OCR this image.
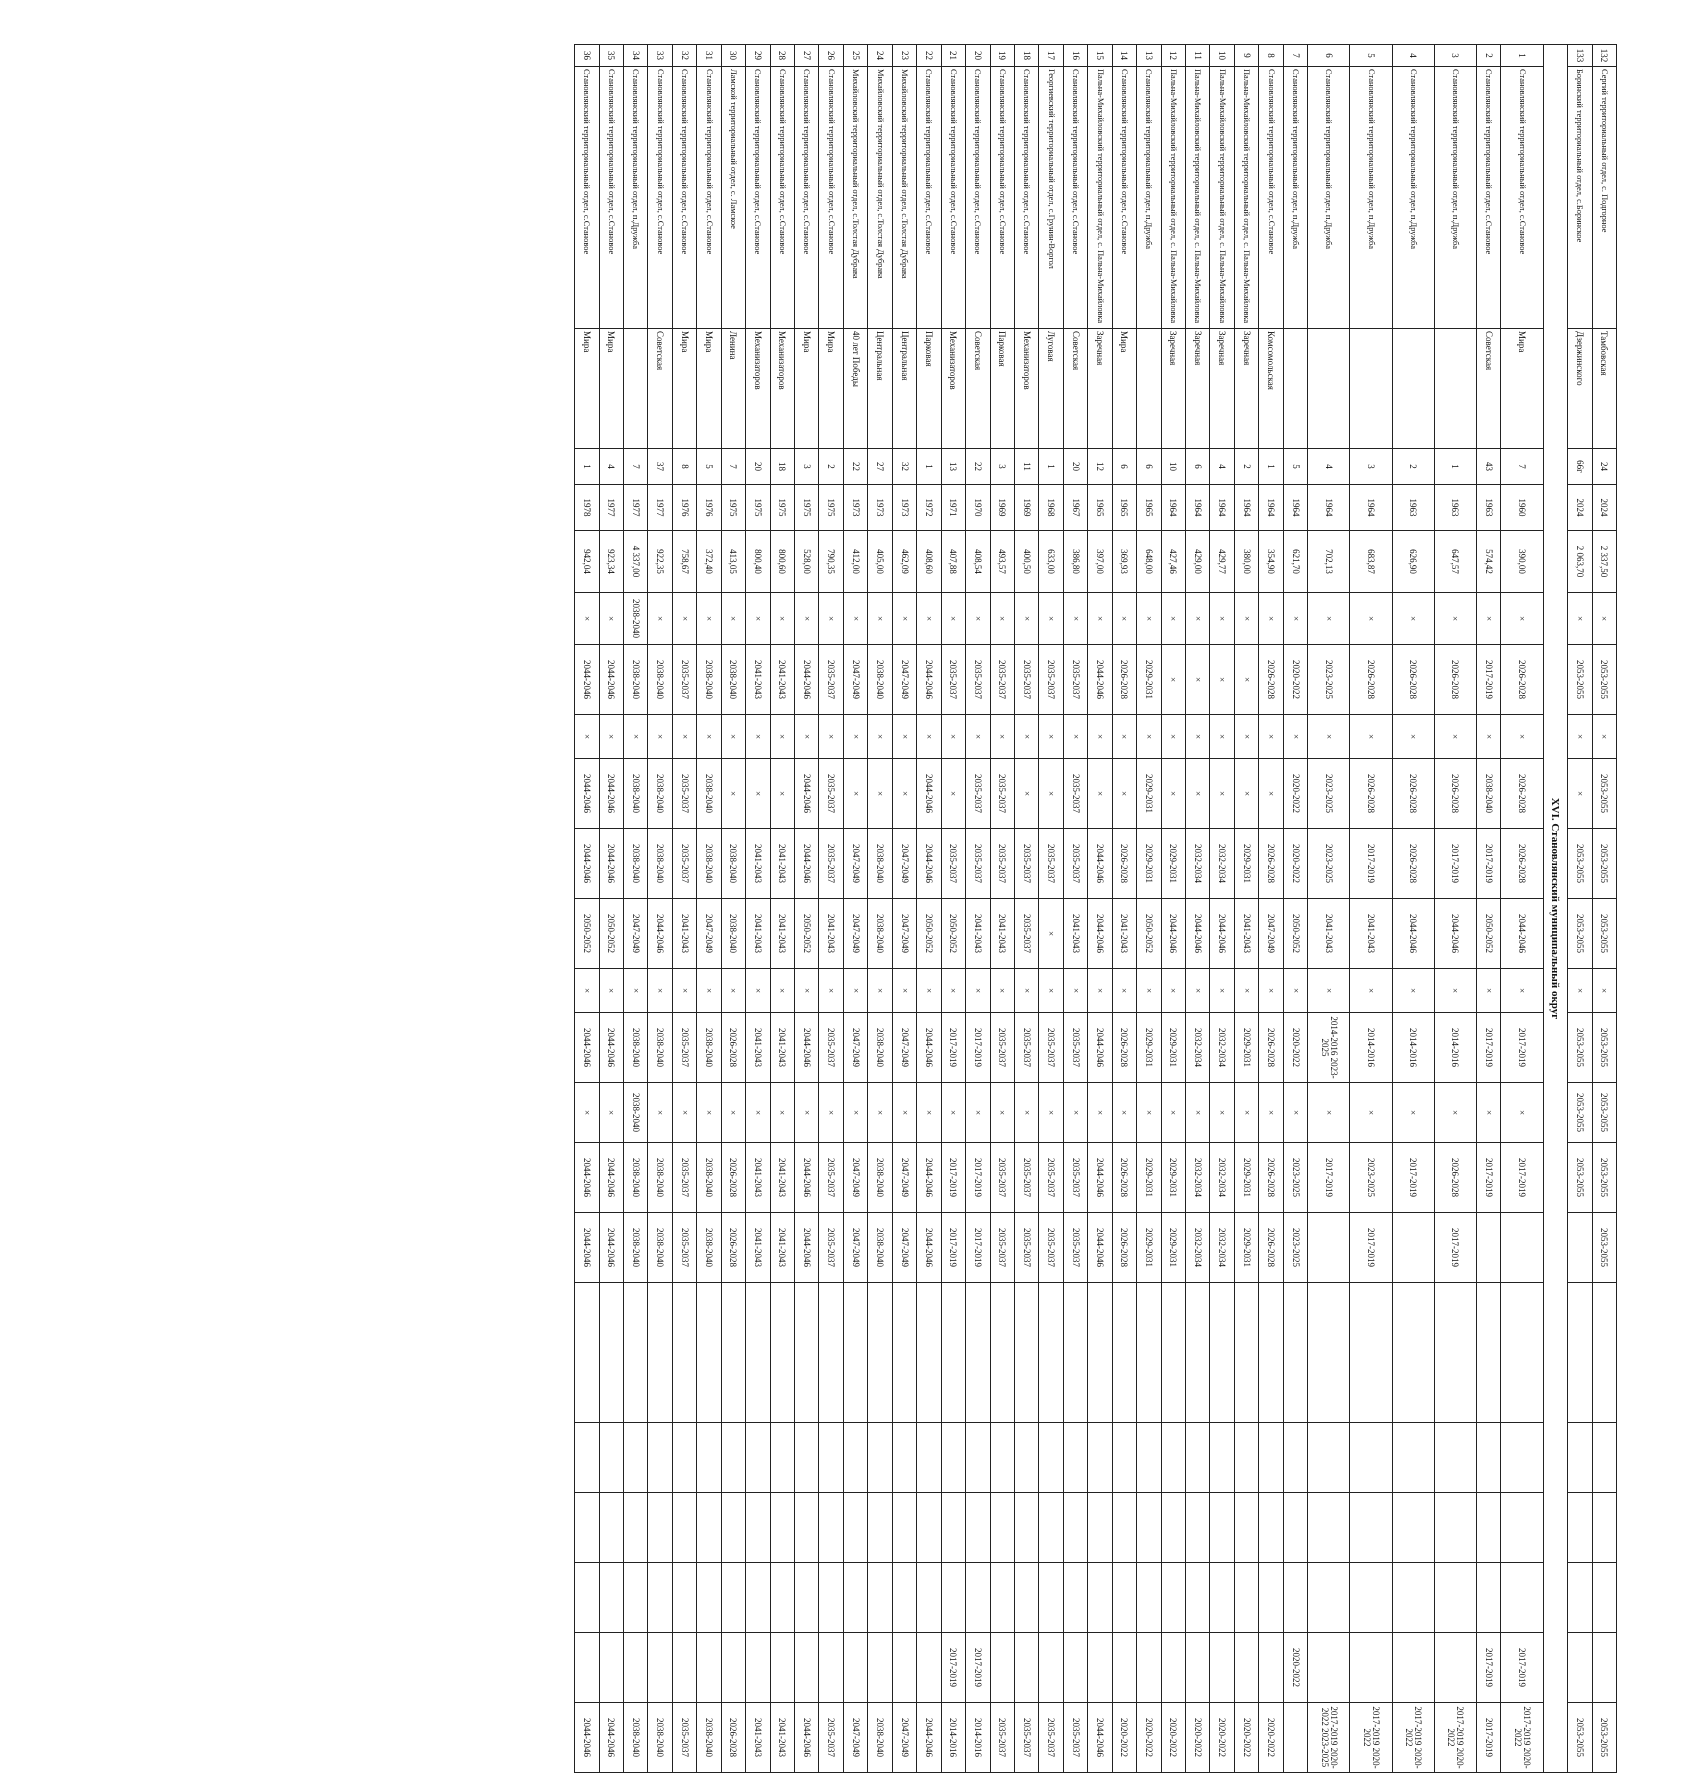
132	Сергий территориальный отдел, с. Подгорное	Тамбовская	24	2024	2 337,50	×	2053-2055	×	2053-2055	2053-2055	2053-2055	×	2053-2055	2053-2055	2053-2055	2053-2055						2053-2055
133	Боринский территориальный отдел, с.Боринское	Дзержинского	66г	2024	2 063,70	×	2053-2055	×	×	2053-2055	2053-2055	×	2053-2055	2053-2055	2053-2055							2053-2055
XVI. Становлянский муниципальный округ																						
1	Становлянский территориальный отдел, с.Становое	Мира	7	1960	390,00	×	2026-2028	×	2026-2028	2026-2028	2044-2046	×	2017-2019	×	2017-2019						2017-2019	2017-2019 2020-2022
2	Становлянский территориальный отдел, с.Становое	Советская	43	1963	574,42	×	2017-2019	×	2038-2040	2017-2019	2050-2052	×	2017-2019	×	2017-2019						2017-2019	2017-2019
3	Становлянский территориальный отдел, п.Дружба		1	1963	647,57	×	2026-2028	×	2026-2028	2017-2019	2044-2046	×	2014-2016	×	2026-2028	2017-2019						2017-2019 2020-2022
4	Становлянский территориальный отдел, п.Дружба		2	1963	626,90	×	2026-2028	×	2026-2028	2026-2028	2044-2046	×	2014-2016	×	2017-2019							2017-2019 2020-2022
5	Становлянский территориальный отдел, п.Дружба		3	1964	683,87	×	2026-2028	×	2026-2028	2017-2019	2041-2043	×	2014-2016	×	2023-2025	2017-2019						2017-2019 2020-2022
6	Становлянский территориальный отдел, п.Дружба		4	1964	702,13	×	2023-2025	×	2023-2025	2023-2025	2041-2043	×	2014-2016 2023-2025	×	2017-2019							2017-2019 2020-2022 2023-2025
7	Становлянский территориальный отдел, п.Дружба		5	1964	621,70	×	2020-2022	×	2020-2022	2020-2022	2050-2052	×	2020-2022	×	2023-2025	2023-2025					2020-2022	
8	Становлянский территориальный отдел, с.Становое	Комсомольская	1	1964	354,90	×	2026-2028	×	×	2026-2028	2047-2049	×	2026-2028	×	2026-2028	2026-2028						2020-2022
9	Пальна-Михайловский территориальный отдел, с. Пальна-Михайловка	Заречная	2	1964	380,00	×	×	×	×	2029-2031	2041-2043	×	2029-2031	×	2029-2031	2029-2031						2020-2022
10	Пальна-Михайловский территориальный отдел, с. Пальна-Михайловка	Заречная	4	1964	429,77	×	×	×	×	2032-2034	2044-2046	×	2032-2034	×	2032-2034	2032-2034						2020-2022
11	Пальна-Михайловский территориальный отдел, с. Пальна-Михайловка	Заречная	6	1964	429,00	×	×	×	×	2032-2034	2044-2046	×	2032-2034	×	2032-2034	2032-2034						2020-2022
12	Пальна-Михайловский территориальный отдел, с. Пальна-Михайловка	Заречная	10	1964	427,46	×	×	×	×	2029-2031	2044-2046	×	2029-2031	×	2029-2031	2029-2031						2020-2022
13	Становлянский территориальный отдел, п.Дружба		6	1965	648,00	×	2029-2031	×	2029-2031	2029-2031	2050-2052	×	2029-2031	×	2029-2031	2029-2031						2020-2022
14	Становлянский территориальный отдел, с.Становое	Мира	6	1965	369,93	×	2026-2028	×	×	2026-2028	2041-2043	×	2026-2028	×	2026-2028	2026-2028						2020-2022
15	Пальна-Михайловский территориальный отдел, с. Пальна-Михайловка	Заречная	12	1965	397,00	×	2044-2046	×	×	2044-2046	2044-2046	×	2044-2046	×	2044-2046	2044-2046						2044-2046
16	Становлянский территориальный отдел, с.Становое	Советская	20	1967	386,80	×	2035-2037	×	2035-2037	2035-2037	2041-2043	×	2035-2037	×	2035-2037	2035-2037						2035-2037
17	Георгиевский территориальный отдел, с.Грунин-Воргол	Луговая	1	1968	633,00	×	2035-2037	×	×	2035-2037	×	×	2035-2037	×	2035-2037	2035-2037						2035-2037
18	Становлянский территориальный отдел, с.Становое	Механизаторов	11	1969	400,50	×	2035-2037	×	×	2035-2037	2035-2037	×	2035-2037	×	2035-2037	2035-2037						2035-2037
19	Становлянский территориальный отдел, с.Становое	Парковая	3	1969	493,57	×	2035-2037	×	2035-2037	2035-2037	2041-2043	×	2035-2037	×	2035-2037	2035-2037						2035-2037
20	Становлянский территориальный отдел, с.Становое	Советская	22	1970	408,54	×	2035-2037	×	2035-2037	2035-2037	2041-2043	×	2017-2019	×	2017-2019	2017-2019					2017-2019	2014-2016
21	Становлянский территориальный отдел, с.Становое	Механизаторов	13	1971	407,88	×	2035-2037	×	×	2035-2037	2050-2052	×	2017-2019	×	2017-2019	2017-2019					2017-2019	2014-2016
22	Становлянский территориальный отдел, с.Становое	Парковая	1	1972	408,60	×	2044-2046	×	2044-2046	2044-2046	2050-2052	×	2044-2046	×	2044-2046	2044-2046						2044-2046
23	Михайловский территориальный отдел, с.Толстая Дубрава	Центральная	32	1973	462,09	×	2047-2049	×	×	2047-2049	2047-2049	×	2047-2049	×	2047-2049	2047-2049						2047-2049
24	Михайловский территориальный отдел, с.Толстая Дубрава	Центральная	27	1973	405,00	×	2038-2040	×	×	2038-2040	2038-2040	×	2038-2040	×	2038-2040	2038-2040						2038-2040
25	Михайловский территориальный отдел, с.Толстая Дубрава	40 лет Победы	22	1973	412,00	×	2047-2049	×	×	2047-2049	2047-2049	×	2047-2049	×	2047-2049	2047-2049						2047-2049
26	Становлянский территориальный отдел, с.Становое	Мира	2	1975	790,35	×	2035-2037	×	2035-2037	2035-2037	2041-2043	×	2035-2037	×	2035-2037	2035-2037						2035-2037
27	Становлянский территориальный отдел, с.Становое	Мира	3	1975	528,00	×	2044-2046	×	2044-2046	2044-2046	2050-2052	×	2044-2046	×	2044-2046	2044-2046						2044-2046
28	Становлянский территориальный отдел, с.Становое	Механизаторов	18	1975	800,60	×	2041-2043	×	×	2041-2043	2041-2043	×	2041-2043	×	2041-2043	2041-2043						2041-2043
29	Становлянский территориальный отдел, с.Становое	Механизаторов	20	1975	800,40	×	2041-2043	×	×	2041-2043	2041-2043	×	2041-2043	×	2041-2043	2041-2043						2041-2043
30	Ламской территориальный отдел, с. Ламское	Ленина	7	1975	413,05	×	2038-2040	×	×	2038-2040	2038-2040	×	2026-2028	×	2026-2028	2026-2028						2026-2028
31	Становлянский территориальный отдел, с.Становое	Мира	5	1976	372,40	×	2038-2040	×	2038-2040	2038-2040	2047-2049	×	2038-2040	×	2038-2040	2038-2040						2038-2040
32	Становлянский территориальный отдел, с.Становое	Мира	8	1976	758,67	×	2035-2037	×	2035-2037	2035-2037	2041-2043	×	2035-2037	×	2035-2037	2035-2037						2035-2037
33	Становлянский территориальный отдел, с.Становое	Советская	37	1977	922,35	×	2038-2040	×	2038-2040	2038-2040	2044-2046	×	2038-2040	×	2038-2040	2038-2040						2038-2040
34	Становлянский территориальный отдел, п.Дружба		7	1977	4 337,00	2038-2040	2038-2040	×	2038-2040	2038-2040	2047-2049	×	2038-2040	2038-2040	2038-2040	2038-2040						2038-2040
35	Становлянский территориальный отдел, с.Становое	Мира	4	1977	923,34	×	2044-2046	×	2044-2046	2044-2046	2050-2052	×	2044-2046	×	2044-2046	2044-2046						2044-2046
36	Становлянский территориальный отдел, с.Становое	Мира	1	1978	942,04	×	2044-2046	×	2044-2046	2044-2046	2050-2052	×	2044-2046	×	2044-2046	2044-2046						2044-2046
